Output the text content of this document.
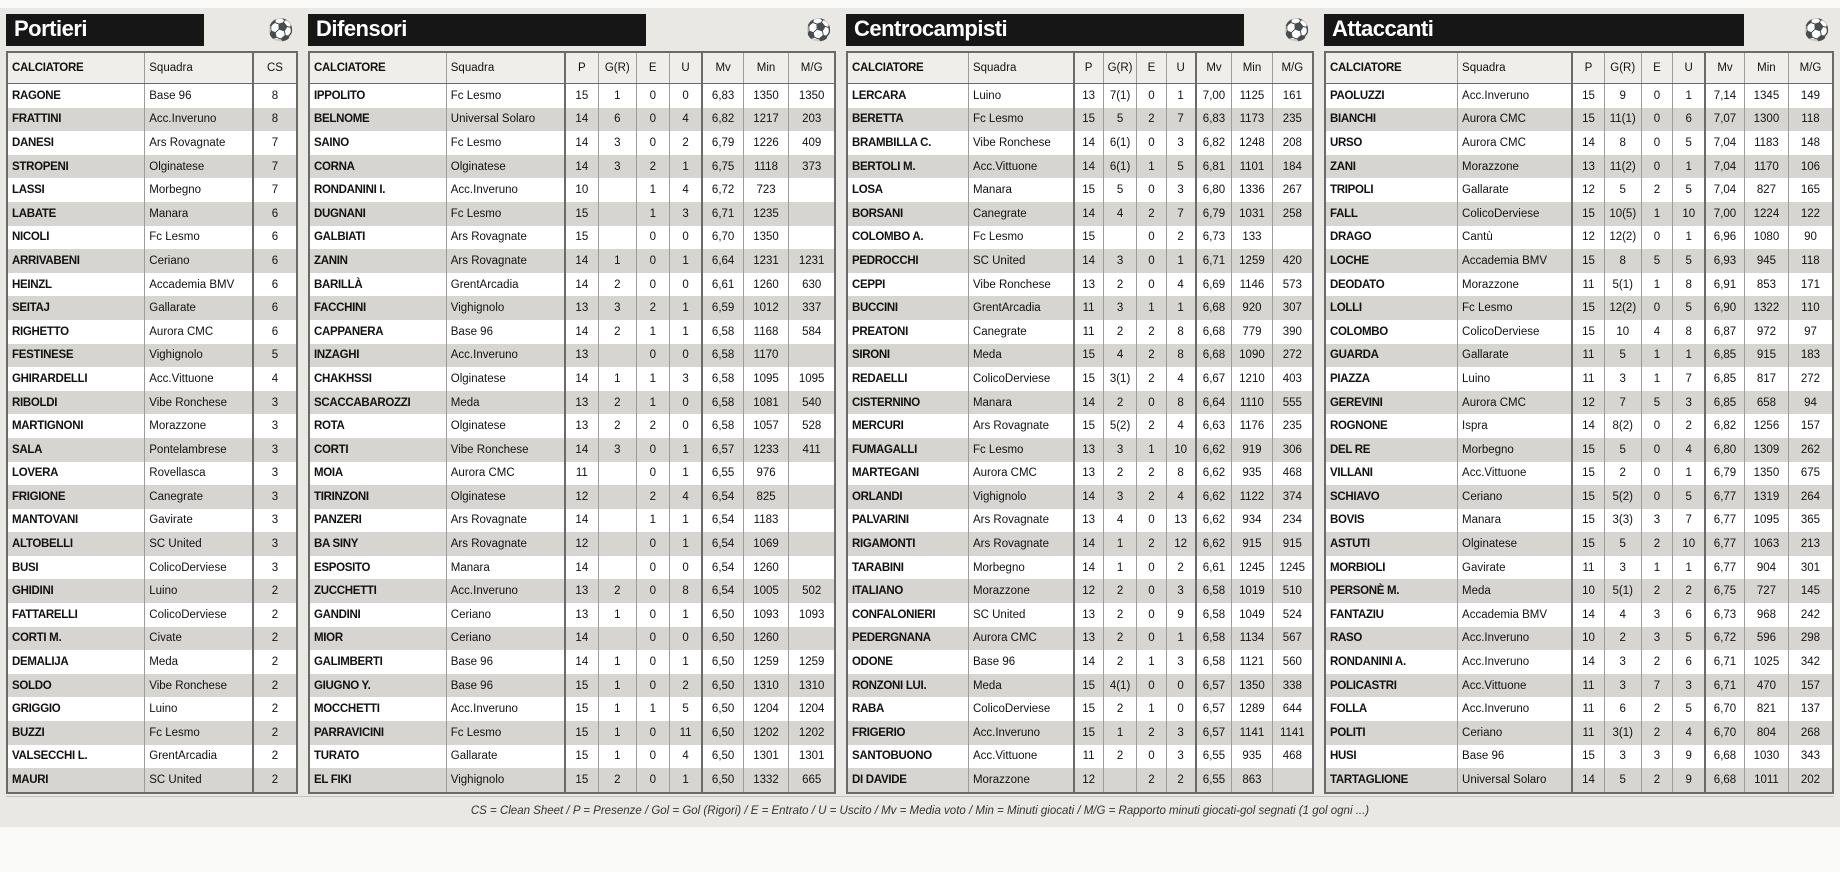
Portieri	⚽
CALCIATORE	Squadra	CS
RAGONE	Base 96	8
FRATTINI	Acc.Inveruno	8
DANESI	Ars Rovagnate	7
STROPENI	Olginatese	7
LASSI	Morbegno	7
LABATE	Manara	6
NICOLI	Fc Lesmo	6
ARRIVABENI	Ceriano	6
HEINZL	Accademia BMV	6
SEITAJ	Gallarate	6
RIGHETTO	Aurora CMC	6
FESTINESE	Vighignolo	5
GHIRARDELLI	Acc.Vittuone	4
RIBOLDI	Vibe Ronchese	3
MARTIGNONI	Morazzone	3
SALA	Pontelambrese	3
LOVERA	Rovellasca	3
FRIGIONE	Canegrate	3
MANTOVANI	Gavirate	3
ALTOBELLI	SC United	3
BUSI	ColicoDerviese	3
GHIDINI	Luino	2
FATTARELLI	ColicoDerviese	2
CORTI M.	Civate	2
DEMALIJA	Meda	2
SOLDO	Vibe Ronchese	2
GRIGGIO	Luino	2
BUZZI	Fc Lesmo	2
VALSECCHI L.	GrentArcadia	2
MAURI	SC United	2
Difensori	⚽
CALCIATORE	Squadra	P	G(R)	E	U	Mv	Min	M/G
IPPOLITO	Fc Lesmo	15	1	0	0	6,83	1350	1350
BELNOME	Universal Solaro	14	6	0	4	6,82	1217	203
SAINO	Fc Lesmo	14	3	0	2	6,79	1226	409
CORNA	Olginatese	14	3	2	1	6,75	1118	373
RONDANINI I.	Acc.Inveruno	10		1	4	6,72	723	
DUGNANI	Fc Lesmo	15		1	3	6,71	1235	
GALBIATI	Ars Rovagnate	15		0	0	6,70	1350	
ZANIN	Ars Rovagnate	14	1	0	1	6,64	1231	1231
BARILLÀ	GrentArcadia	14	2	0	0	6,61	1260	630
FACCHINI	Vighignolo	13	3	2	1	6,59	1012	337
CAPPANERA	Base 96	14	2	1	1	6,58	1168	584
INZAGHI	Acc.Inveruno	13		0	0	6,58	1170	
CHAKHSSI	Olginatese	14	1	1	3	6,58	1095	1095
SCACCABAROZZI	Meda	13	2	1	0	6,58	1081	540
ROTA	Olginatese	13	2	2	0	6,58	1057	528
CORTI	Vibe Ronchese	14	3	0	1	6,57	1233	411
MOIA	Aurora CMC	11		0	1	6,55	976	
TIRINZONI	Olginatese	12		2	4	6,54	825	
PANZERI	Ars Rovagnate	14		1	1	6,54	1183	
BA SINY	Ars Rovagnate	12		0	1	6,54	1069	
ESPOSITO	Manara	14		0	0	6,54	1260	
ZUCCHETTI	Acc.Inveruno	13	2	0	8	6,54	1005	502
GANDINI	Ceriano	13	1	0	1	6,50	1093	1093
MIOR	Ceriano	14		0	0	6,50	1260	
GALIMBERTI	Base 96	14	1	0	1	6,50	1259	1259
GIUGNO Y.	Base 96	15	1	0	2	6,50	1310	1310
MOCCHETTI	Acc.Inveruno	15	1	1	5	6,50	1204	1204
PARRAVICINI	Fc Lesmo	15	1	0	11	6,50	1202	1202
TURATO	Gallarate	15	1	0	4	6,50	1301	1301
EL FIKI	Vighignolo	15	2	0	1	6,50	1332	665
Centrocampisti	⚽
CALCIATORE	Squadra	P	G(R)	E	U	Mv	Min	M/G
LERCARA	Luino	13	7(1)	0	1	7,00	1125	161
BERETTA	Fc Lesmo	15	5	2	7	6,83	1173	235
BRAMBILLA C.	Vibe Ronchese	14	6(1)	0	3	6,82	1248	208
BERTOLI M.	Acc.Vittuone	14	6(1)	1	5	6,81	1101	184
LOSA	Manara	15	5	0	3	6,80	1336	267
BORSANI	Canegrate	14	4	2	7	6,79	1031	258
COLOMBO A.	Fc Lesmo	15		0	2	6,73	133	
PEDROCCHI	SC United	14	3	0	1	6,71	1259	420
CEPPI	Vibe Ronchese	13	2	0	4	6,69	1146	573
BUCCINI	GrentArcadia	11	3	1	1	6,68	920	307
PREATONI	Canegrate	11	2	2	8	6,68	779	390
SIRONI	Meda	15	4	2	8	6,68	1090	272
REDAELLI	ColicoDerviese	15	3(1)	2	4	6,67	1210	403
CISTERNINO	Manara	14	2	0	8	6,64	1110	555
MERCURI	Ars Rovagnate	15	5(2)	2	4	6,63	1176	235
FUMAGALLI	Fc Lesmo	13	3	1	10	6,62	919	306
MARTEGANI	Aurora CMC	13	2	2	8	6,62	935	468
ORLANDI	Vighignolo	14	3	2	4	6,62	1122	374
PALVARINI	Ars Rovagnate	13	4	0	13	6,62	934	234
RIGAMONTI	Ars Rovagnate	14	1	2	12	6,62	915	915
TARABINI	Morbegno	14	1	0	2	6,61	1245	1245
ITALIANO	Morazzone	12	2	0	3	6,58	1019	510
CONFALONIERI	SC United	13	2	0	9	6,58	1049	524
PEDERGNANA	Aurora CMC	13	2	0	1	6,58	1134	567
ODONE	Base 96	14	2	1	3	6,58	1121	560
RONZONI LUI.	Meda	15	4(1)	0	0	6,57	1350	338
RABA	ColicoDerviese	15	2	1	0	6,57	1289	644
FRIGERIO	Acc.Inveruno	15	1	2	3	6,57	1141	1141
SANTOBUONO	Acc.Vittuone	11	2	0	3	6,55	935	468
DI DAVIDE	Morazzone	12		2	2	6,55	863	
Attaccanti	⚽
CALCIATORE	Squadra	P	G(R)	E	U	Mv	Min	M/G
PAOLUZZI	Acc.Inveruno	15	9	0	1	7,14	1345	149
BIANCHI	Aurora CMC	15	11(1)	0	6	7,07	1300	118
URSO	Aurora CMC	14	8	0	5	7,04	1183	148
ZANI	Morazzone	13	11(2)	0	1	7,04	1170	106
TRIPOLI	Gallarate	12	5	2	5	7,04	827	165
FALL	ColicoDerviese	15	10(5)	1	10	7,00	1224	122
DRAGO	Cantù	12	12(2)	0	1	6,96	1080	90
LOCHE	Accademia BMV	15	8	5	5	6,93	945	118
DEODATO	Morazzone	11	5(1)	1	8	6,91	853	171
LOLLI	Fc Lesmo	15	12(2)	0	5	6,90	1322	110
COLOMBO	ColicoDerviese	15	10	4	8	6,87	972	97
GUARDA	Gallarate	11	5	1	1	6,85	915	183
PIAZZA	Luino	11	3	1	7	6,85	817	272
GEREVINI	Aurora CMC	12	7	5	3	6,85	658	94
ROGNONE	Ispra	14	8(2)	0	2	6,82	1256	157
DEL RE	Morbegno	15	5	0	4	6,80	1309	262
VILLANI	Acc.Vittuone	15	2	0	1	6,79	1350	675
SCHIAVO	Ceriano	15	5(2)	0	5	6,77	1319	264
BOVIS	Manara	15	3(3)	3	7	6,77	1095	365
ASTUTI	Olginatese	15	5	2	10	6,77	1063	213
MORBIOLI	Gavirate	11	3	1	1	6,77	904	301
PERSONÈ M.	Meda	10	5(1)	2	2	6,75	727	145
FANTAZIU	Accademia BMV	14	4	3	6	6,73	968	242
RASO	Acc.Inveruno	10	2	3	5	6,72	596	298
RONDANINI A.	Acc.Inveruno	14	3	2	6	6,71	1025	342
POLICASTRI	Acc.Vittuone	11	3	7	3	6,71	470	157
FOLLA	Acc.Inveruno	11	6	2	5	6,70	821	137
POLITI	Ceriano	11	3(1)	2	4	6,70	804	268
HUSI	Base 96	15	3	3	9	6,68	1030	343
TARTAGLIONE	Universal Solaro	14	5	2	9	6,68	1011	202
CS = Clean Sheet / P = Presenze / Gol = Gol (Rigori) / E = Entrato / U = Uscito / Mv = Media voto / Min = Minuti giocati / M/G = Rapporto minuti giocati-gol segnati (1 gol ogni ...)
